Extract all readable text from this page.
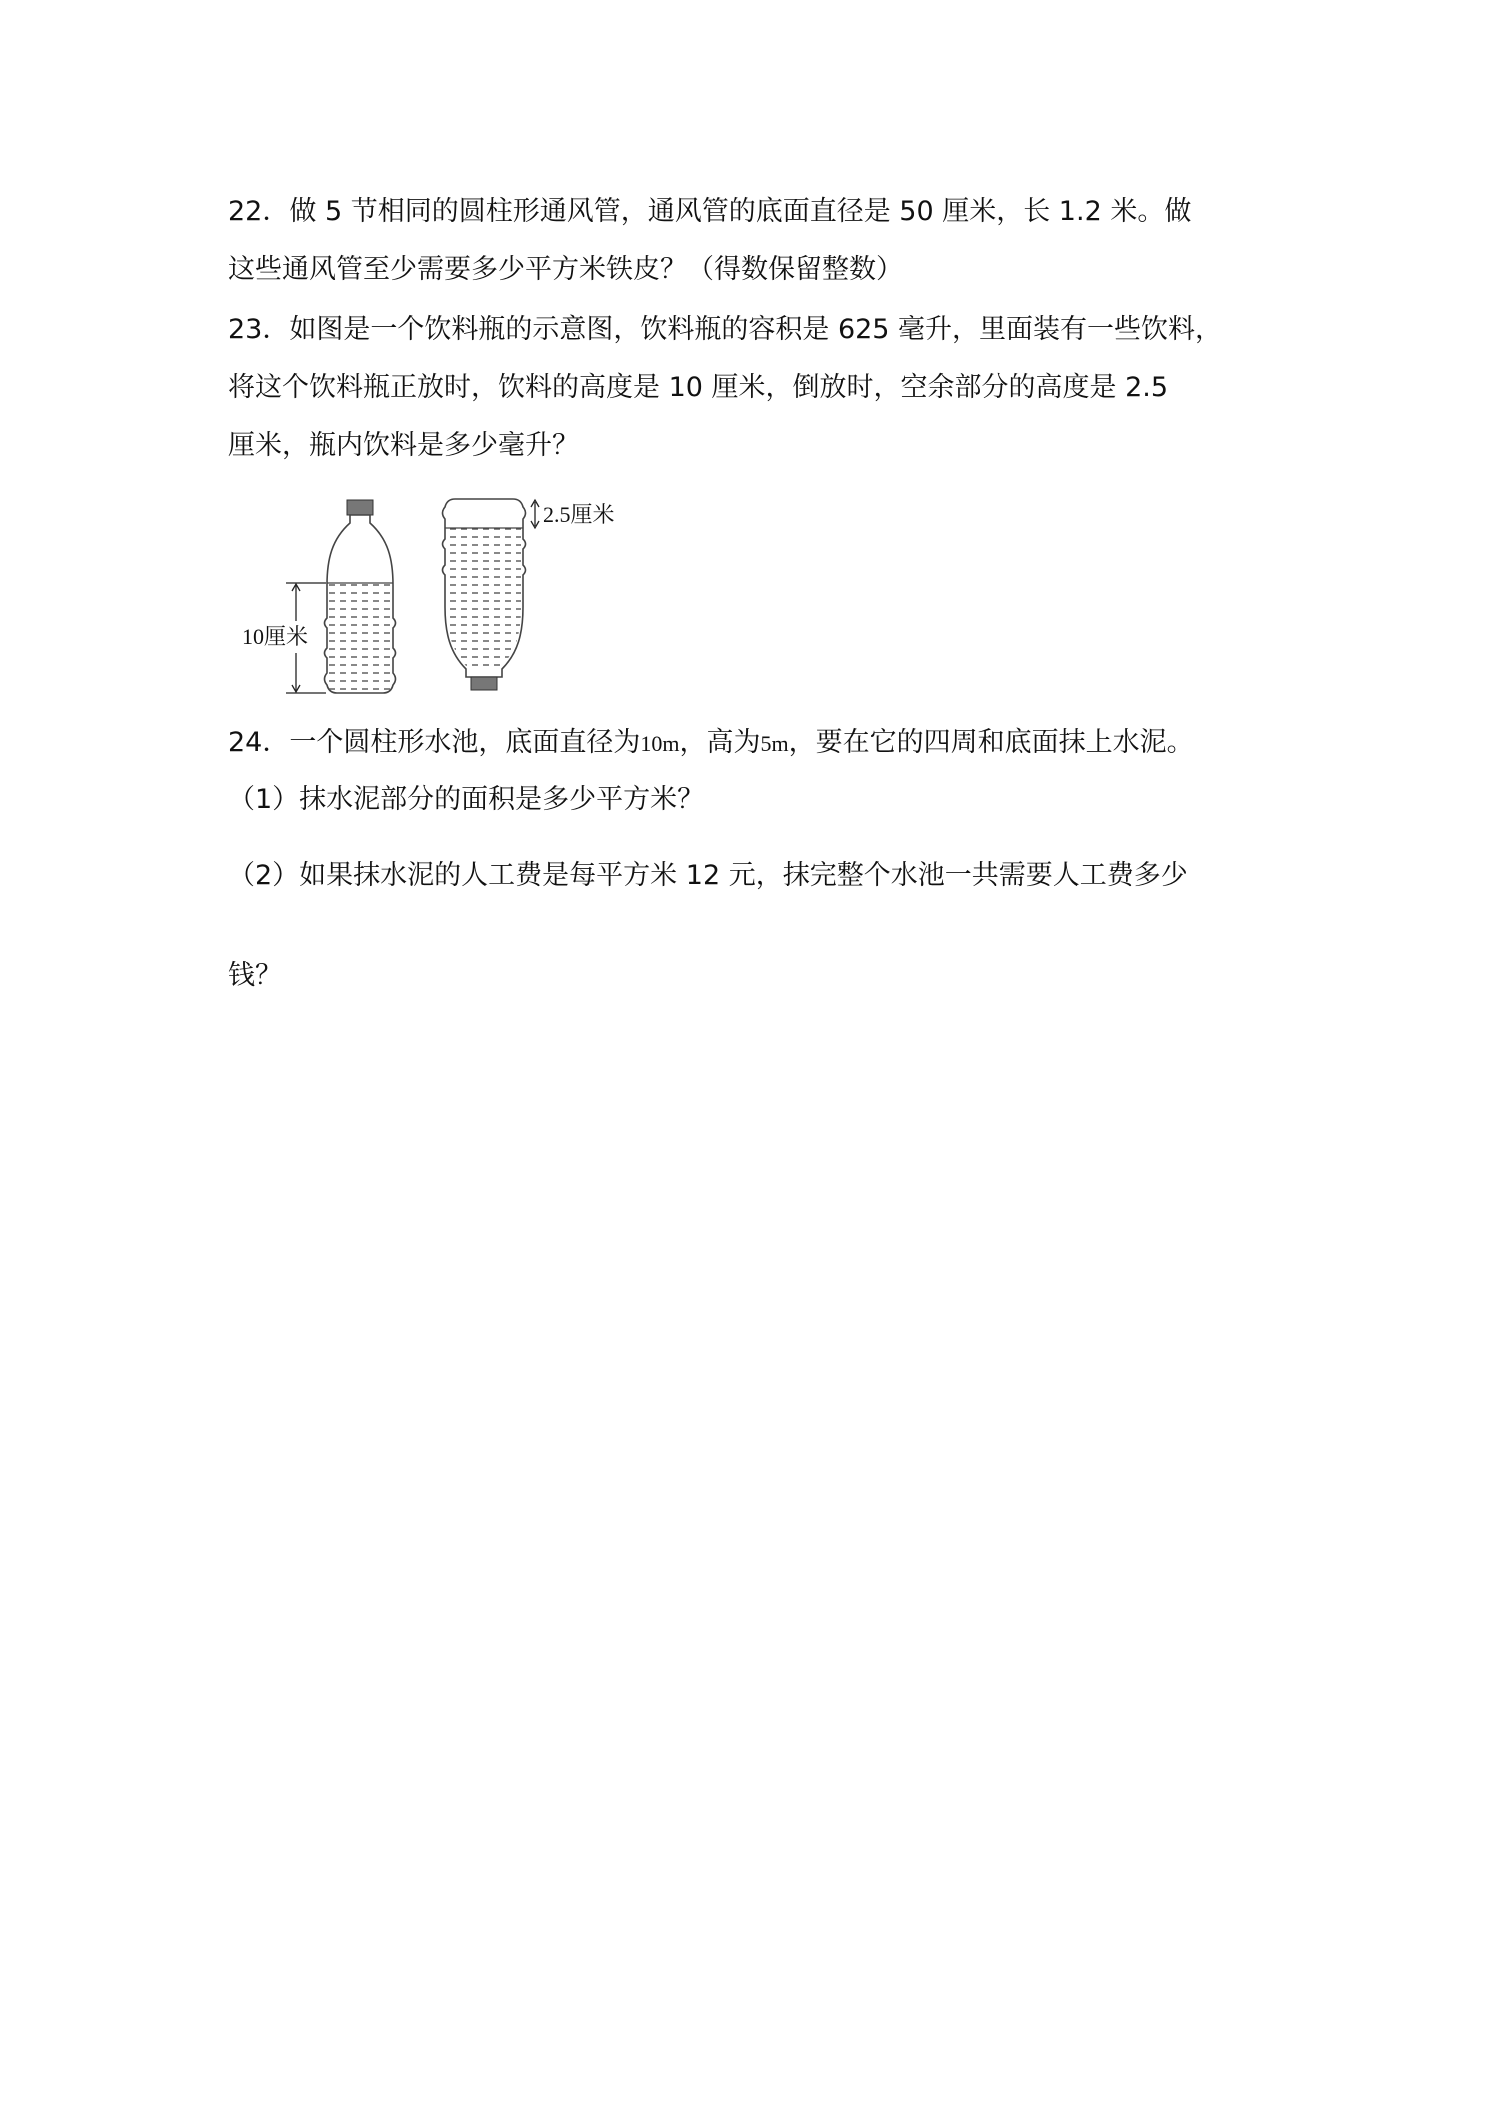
22．做 5 节相同的圆柱形通风管，通风管的底面直径是 50 厘米，长 1.2 米。做
这些通风管至少需要多少平方米铁皮？（得数保留整数）
23．如图是一个饮料瓶的示意图，饮料瓶的容积是 625 毫升，里面装有一些饮料，
将这个饮料瓶正放时，饮料的高度是 10 厘米，倒放时，空余部分的高度是 2.5
厘米，瓶内饮料是多少毫升？
10厘米
2.5厘米
24．一个圆柱形水池，底面直径为10m，高为5m，要在它的四周和底面抹上水泥。
（1）抹水泥部分的面积是多少平方米？
（2）如果抹水泥的人工费是每平方米 12 元，抹完整个水池一共需要人工费多少
钱？
